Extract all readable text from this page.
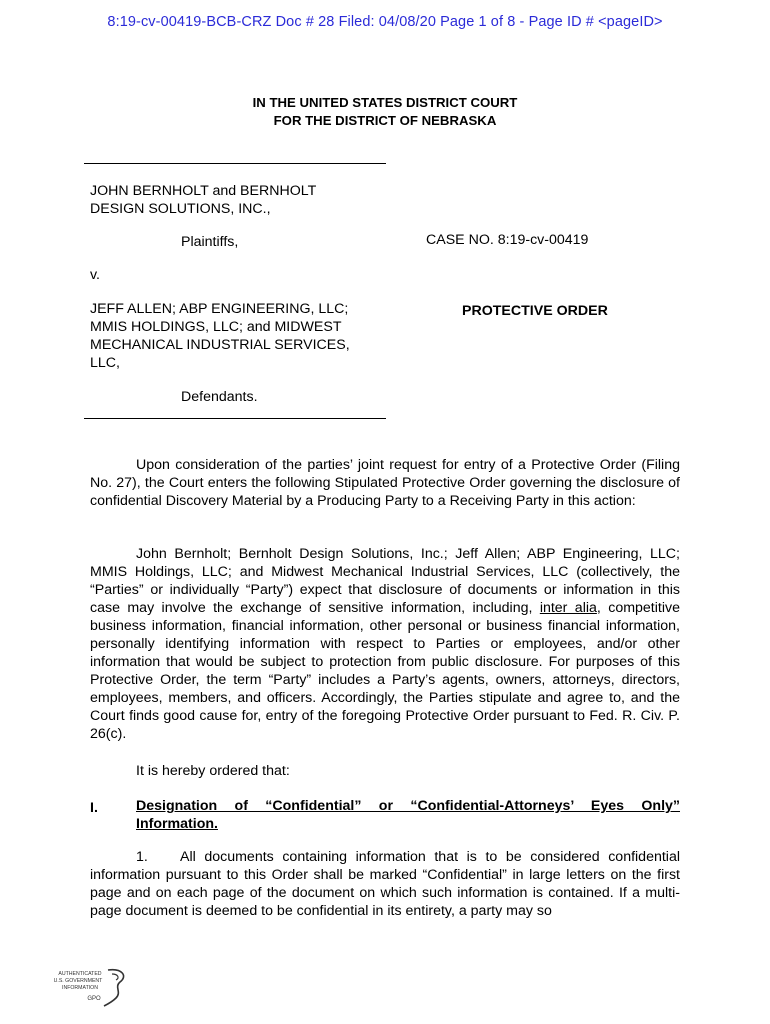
8:19-cv-00419-BCB-CRZ Doc # 28 Filed: 04/08/20 Page 1 of 8 - Page ID # <pageID>
IN THE UNITED STATES DISTRICT COURT
FOR THE DISTRICT OF NEBRASKA
JOHN BERNHOLT and BERNHOLT
DESIGN SOLUTIONS, INC.,
Plaintiffs,	CASE NO. 8:19-cv-00419
v.
JEFF ALLEN; ABP ENGINEERING, LLC;
MMIS HOLDINGS, LLC; and MIDWEST
MECHANICAL INDUSTRIAL SERVICES,
LLC,
PROTECTIVE ORDER
Defendants.

Upon consideration of the parties’ joint request for entry of a Protective Order (Filing No. 27), the Court enters the following Stipulated Protective Order governing the disclosure of confidential Discovery Material by a Producing Party to a Receiving Party in this action:

John Bernholt; Bernholt Design Solutions, Inc.; Jeff Allen; ABP Engineering, LLC; MMIS Holdings, LLC; and Midwest Mechanical Industrial Services, LLC (collectively, the “Parties” or individually “Party”) expect that disclosure of documents or information in this case may involve the exchange of sensitive information, including, inter alia, competitive business information, financial information, other personal or business financial information, personally identifying information with respect to Parties or employees, and/or other information that would be subject to protection from public disclosure. For purposes of this Protective Order, the term “Party” includes a Party’s agents, owners, attorneys, directors, employees, members, and officers. Accordingly, the Parties stipulate and agree to, and the Court finds good cause for, entry of the foregoing Protective Order pursuant to Fed. R. Civ. P. 26(c).

It is hereby ordered that:

I.	Designation of “Confidential” or “Confidential-Attorneys’ Eyes Only” Information.

1. All documents containing information that is to be considered confidential information pursuant to this Order shall be marked “Confidential” in large letters on the first page and on each page of the document on which such information is contained. If a multi-page document is deemed to be confidential in its entirety, a party may so

AUTHENTICATED
U.S. GOVERNMENT
INFORMATION
GPO
